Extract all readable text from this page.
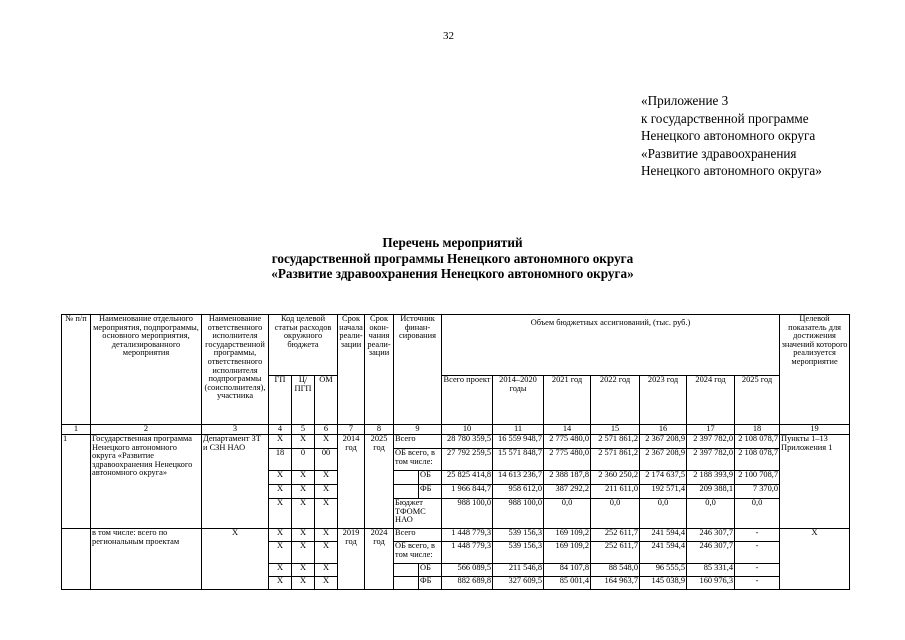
32
«Приложение 3
к государственной программе
Ненецкого автономного округа
«Развитие здравоохранения
Ненецкого автономного округа»
Перечень мероприятий
государственной программы Ненецкого автономного округа
«Развитие здравоохранения Ненецкого автономного округа»
№ п/п	Наименование отдельного мероприятия, подпрограммы, основного мероприятия, детализированного мероприятия	Наименование ответственного исполнителя государственной программы, ответственного исполнителя подпрограммы (соисполнителя), участника	Код целевой статьи расходов окружного бюджета			Срок начала реали-зации	Срок окон-чания реали-зации	Источник финан-сирования		Объем бюджетных ассигнований, (тыс. руб.)							Целевой показатель для достижения значений которого реализуется мероприятие
			ГП	Ц/ ПГП	ОМ					Всего проект	2014–2020 годы	2021 год	2022 год	2023 год	2024 год	2025 год	
1	2	3	4	5	6	7	8	9		10	11	14	15	16	17	18	19
1	Государственная программа Ненецкого автономного округа «Развитие здравоохранения Ненецкого автономного округа»	Департамент ЗТ и СЗН НАО	X	X	X	2014 год	2025 год	Всего		28 780 359,5	16 559 948,7	2 775 480,0	2 571 861,2	2 367 208,9	2 397 782,0	2 108 078,7	Пункты 1–13 Приложения 1
			18	0	00			ОБ всего, в том числе:		27 792 259,5	15 571 848,7	2 775 480,0	2 571 861,2	2 367 208,9	2 397 782,0	2 108 078,7	
			X	X	X				ОБ	25 825 414,8	14 613 236,7	2 388 187,8	2 360 250,2	2 174 637,5	2 188 393,9	2 100 708,7	
			X	X	X				ФБ	1 966 844,7	958 612,0	387 292,2	211 611,0	192 571,4	209 388,1	7 370,0	
			X	X	X			Бюджет ТФОМС НАО		988 100,0	988 100,0	0,0	0,0	0,0	0,0	0,0	
	в том числе: всего по региональным проектам	X	X	X	X	2019 год	2024 год	Всего		1 448 779,3	539 156,3	169 109,2	252 611,7	241 594,4	246 307,7	-	X
			X	X	X			ОБ всего, в том числе:		1 448 779,3	539 156,3	169 109,2	252 611,7	241 594,4	246 307,7	-	
			X	X	X				ОБ	566 089,5	211 546,8	84 107,8	88 548,0	96 555,5	85 331,4	-	
			X	X	X				ФБ	882 689,8	327 609,5	85 001,4	164 963,7	145 038,9	160 976,3	-	
